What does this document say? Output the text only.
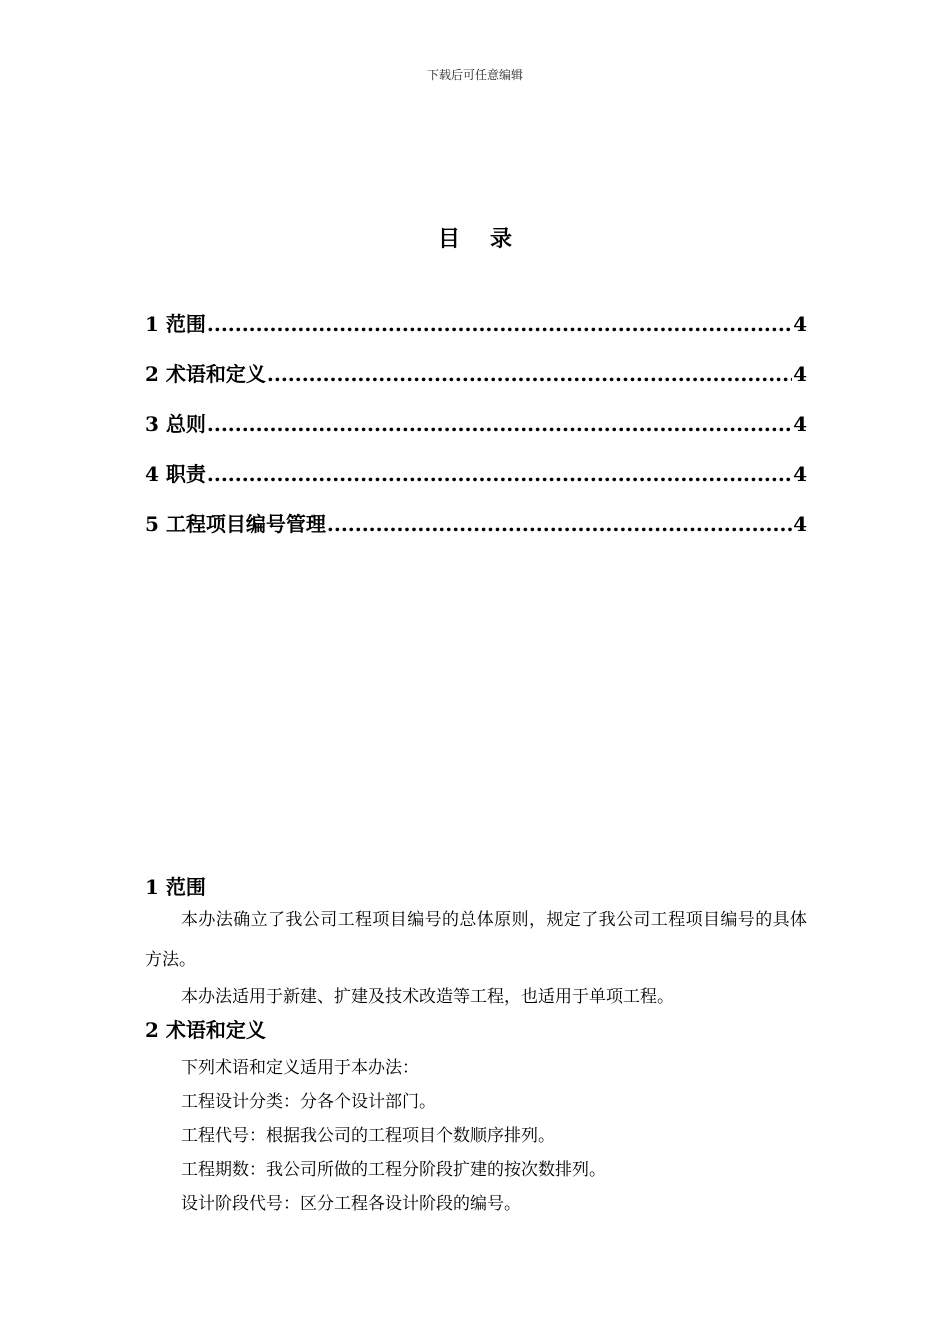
下载后可任意编辑
目 录
1 范围 .....	4
2 术语和定义 .....	4
3 总则 .....	4
4 职责 .....	4
5 工程项目编号管理 .....	4
1 范围
本办法确立了我公司工程项目编号的总体原则，规定了我公司工程项目编号的具体方法。
本办法适用于新建、扩建及技术改造等工程，也适用于单项工程。
2 术语和定义
下列术语和定义适用于本办法：
工程设计分类：分各个设计部门。
工程代号：根据我公司的工程项目个数顺序排列。
工程期数：我公司所做的工程分阶段扩建的按次数排列。
设计阶段代号：区分工程各设计阶段的编号。
